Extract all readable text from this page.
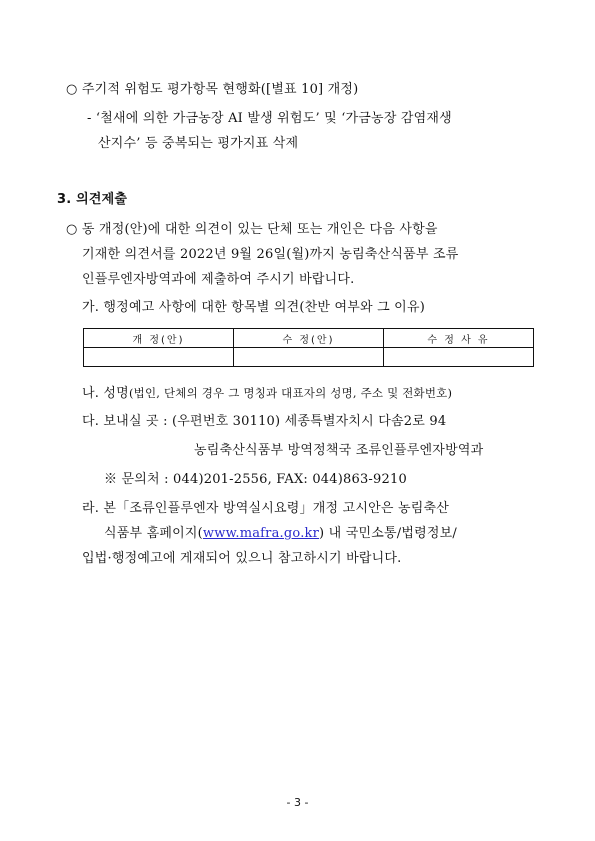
○ 주기적 위험도 평가항목 현행화([별표 10] 개정)
- ‘철새에 의한 가금농장 AI 발생 위험도’ 및 ‘가금농장 감염재생
산지수’ 등 중복되는 평가지표 삭제
3. 의견제출
○ 동 개정(안)에 대한 의견이 있는 단체 또는 개인은 다음 사항을
기재한 의견서를 2022년 9월 26일(월)까지 농림축산식품부 조류
인플루엔자방역과에 제출하여 주시기 바랍니다.
가. 행정예고 사항에 대한 항목별 의견(찬반 여부와 그 이유)
개 정(안)	수 정(안)	수 정 사 유

나. 성명(법인, 단체의 경우 그 명칭과 대표자의 성명, 주소 및 전화번호)
다. 보내실 곳 : (우편번호 30110) 세종특별자치시 다솜2로 94
농림축산식품부 방역정책국 조류인플루엔자방역과
※ 문의처 : 044)201-2556, FAX: 044)863-9210
라. 본「조류인플루엔자 방역실시요령」개정 고시안은 농림축산
식품부 홈페이지(www.mafra.go.kr) 내 국민소통/법령정보/
입법·행정예고에 게재되어 있으니 참고하시기 바랍니다.
- 3 -
